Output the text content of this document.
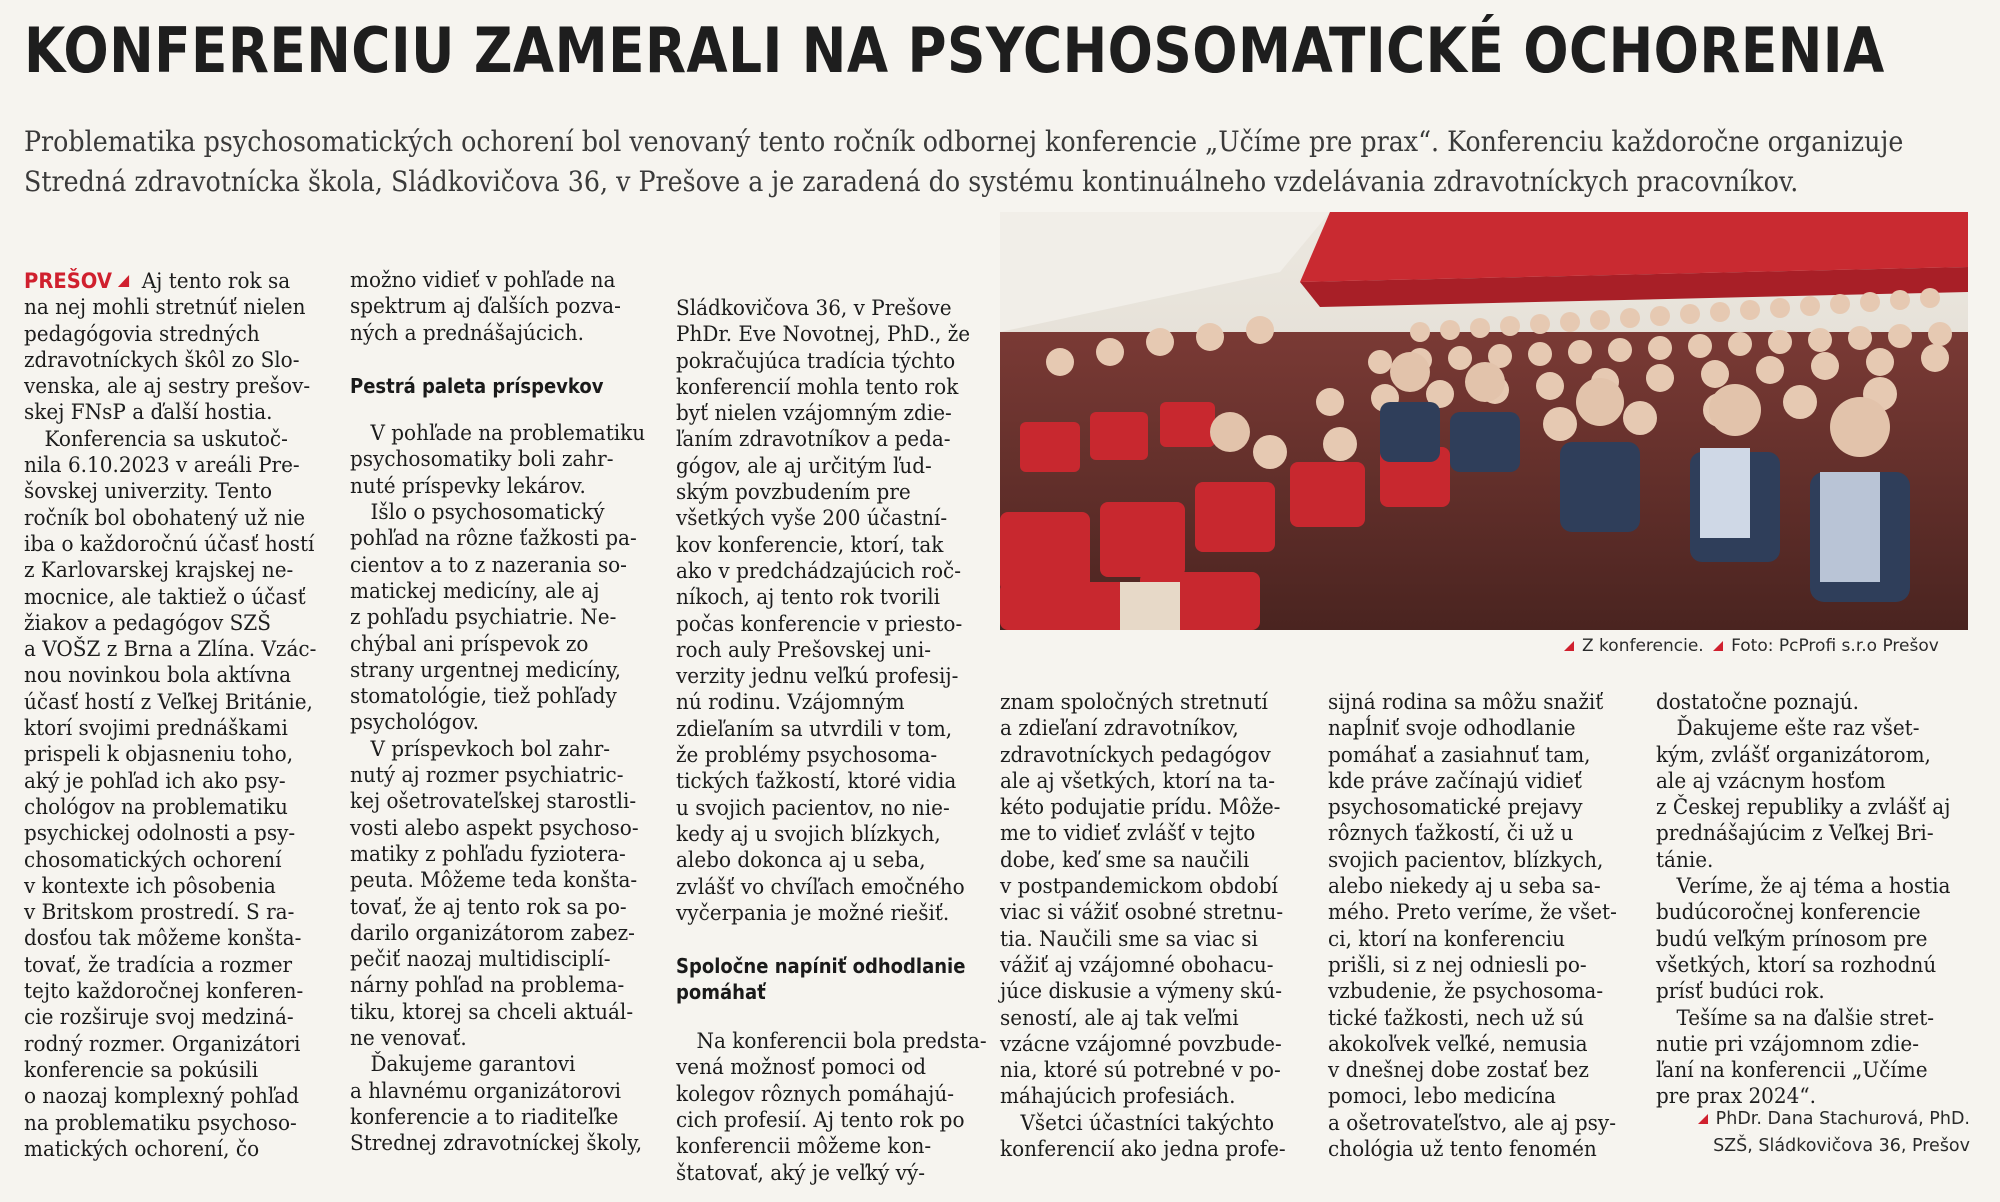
KONFERENCIU ZAMERALI NA PSYCHOSOMATICKÉ OCHORENIA
Problematika psychosomatických ochorení bol venovaný tento ročník odbornej konferencie „Učíme pre prax“. Konferenciu každoročne organizuje
Stredná zdravotnícka škola, Sládkovičova 36, v Prešove a je zaradená do systému kontinuálneho vzdelávania zdravotníckych pracovníkov.
PREŠOV Aj tento rok sa
na nej mohli stretnúť nielen
pedagógovia stredných
zdravotníckych škôl zo Slo-
venska, ale aj sestry prešov-
skej FNsP a ďalší hostia.
Konferencia sa uskutoč-
nila 6.10.2023 v areáli Pre-
šovskej univerzity. Tento
ročník bol obohatený už nie
iba o každoročnú účasť hostí
z Karlovarskej krajskej ne-
mocnice, ale taktiež o účasť
žiakov a pedagógov SZŠ
a VOŠZ z Brna a Zlína. Vzác-
nou novinkou bola aktívna
účasť hostí z Veľkej Británie,
ktorí svojimi prednáškami
prispeli k objasneniu toho,
aký je pohľad ich ako psy-
chológov na problematiku
psychickej odolnosti a psy-
chosomatických ochorení
v kontexte ich pôsobenia
v Britskom prostredí. S ra-
dosťou tak môžeme konšta-
tovať, že tradícia a rozmer
tejto každoročnej konferen-
cie rozširuje svoj medziná-
rodný rozmer. Organizátori
konferencie sa pokúsili
o naozaj komplexný pohľad
na problematiku psychoso-
matických ochorení, čo
možno vidieť v pohľade na
spektrum aj ďalších pozva-
ných a prednášajúcich.
Pestrá paleta príspevkov
V pohľade na problematiku
psychosomatiky boli zahr-
nuté príspevky lekárov.
Išlo o psychosomatický
pohľad na rôzne ťažkosti pa-
cientov a to z nazerania so-
matickej medicíny, ale aj
z pohľadu psychiatrie. Ne-
chýbal ani príspevok zo
strany urgentnej medicíny,
stomatológie, tiež pohľady
psychológov.
V príspevkoch bol zahr-
nutý aj rozmer psychiatric-
kej ošetrovateľskej starostli-
vosti alebo aspekt psychoso-
matiky z pohľadu fyziotera-
peuta. Môžeme teda konšta-
tovať, že aj tento rok sa po-
darilo organizátorom zabez-
pečiť naozaj multidisciplí-
nárny pohľad na problema-
tiku, ktorej sa chceli aktuál-
ne venovať.
Ďakujeme garantovi
a hlavnému organizátorovi
konferencie a to riaditeľke
Strednej zdravotníckej školy,
Sládkovičova 36, v Prešove
PhDr. Eve Novotnej, PhD., že
pokračujúca tradícia týchto
konferencií mohla tento rok
byť nielen vzájomným zdie-
ľaním zdravotníkov a peda-
gógov, ale aj určitým ľud-
ským povzbudením pre
všetkých vyše 200 účastní-
kov konferencie, ktorí, tak
ako v predchádzajúcich roč-
níkoch, aj tento rok tvorili
počas konferencie v priesto-
roch auly Prešovskej uni-
verzity jednu veľkú profesij-
nú rodinu. Vzájomným
zdieľaním sa utvrdili v tom,
že problémy psychosoma-
tických ťažkostí, ktoré vidia
u svojich pacientov, no nie-
kedy aj u svojich blízkych,
alebo dokonca aj u seba,
zvlášť vo chvíľach emočného
vyčerpania je možné riešiť.
Spoločne napíniť odhodlanie
pomáhať
Na konferencii bola predsta-
vená možnosť pomoci od
kolegov rôznych pomáhajú-
cich profesií. Aj tento rok po
konferencii môžeme kon-
štatovať, aký je veľký vý-
Z konferencie. Foto: PcProfi s.r.o Prešov
znam spoločných stretnutí
a zdieľaní zdravotníkov,
zdravotníckych pedagógov
ale aj všetkých, ktorí na ta-
kéto podujatie prídu. Môže-
me to vidieť zvlášť v tejto
dobe, keď sme sa naučili
v postpandemickom období
viac si vážiť osobné stretnu-
tia. Naučili sme sa viac si
vážiť aj vzájomné obohacu-
júce diskusie a výmeny skú-
seností, ale aj tak veľmi
vzácne vzájomné povzbude-
nia, ktoré sú potrebné v po-
máhajúcich profesiách.
Všetci účastníci takýchto
konferencií ako jedna profe-
sijná rodina sa môžu snažiť
napĺniť svoje odhodlanie
pomáhať a zasiahnuť tam,
kde práve začínajú vidieť
psychosomatické prejavy
rôznych ťažkostí, či už u
svojich pacientov, blízkych,
alebo niekedy aj u seba sa-
mého. Preto veríme, že všet-
ci, ktorí na konferenciu
prišli, si z nej odniesli po-
vzbudenie, že psychosoma-
tické ťažkosti, nech už sú
akokoľvek veľké, nemusia
v dnešnej dobe zostať bez
pomoci, lebo medicína
a ošetrovateľstvo, ale aj psy-
chológia už tento fenomén
dostatočne poznajú.
Ďakujeme ešte raz všet-
kým, zvlášť organizátorom,
ale aj vzácnym hosťom
z Českej republiky a zvlášť aj
prednášajúcim z Veľkej Bri-
tánie.
Veríme, že aj téma a hostia
budúcoročnej konferencie
budú veľkým prínosom pre
všetkých, ktorí sa rozhodnú
prísť budúci rok.
Tešíme sa na ďalšie stret-
nutie pri vzájomnom zdie-
ľaní na konferencii „Učíme
pre prax 2024“.
PhDr. Dana Stachurová, PhD.
SZŠ, Sládkovičova 36, Prešov
